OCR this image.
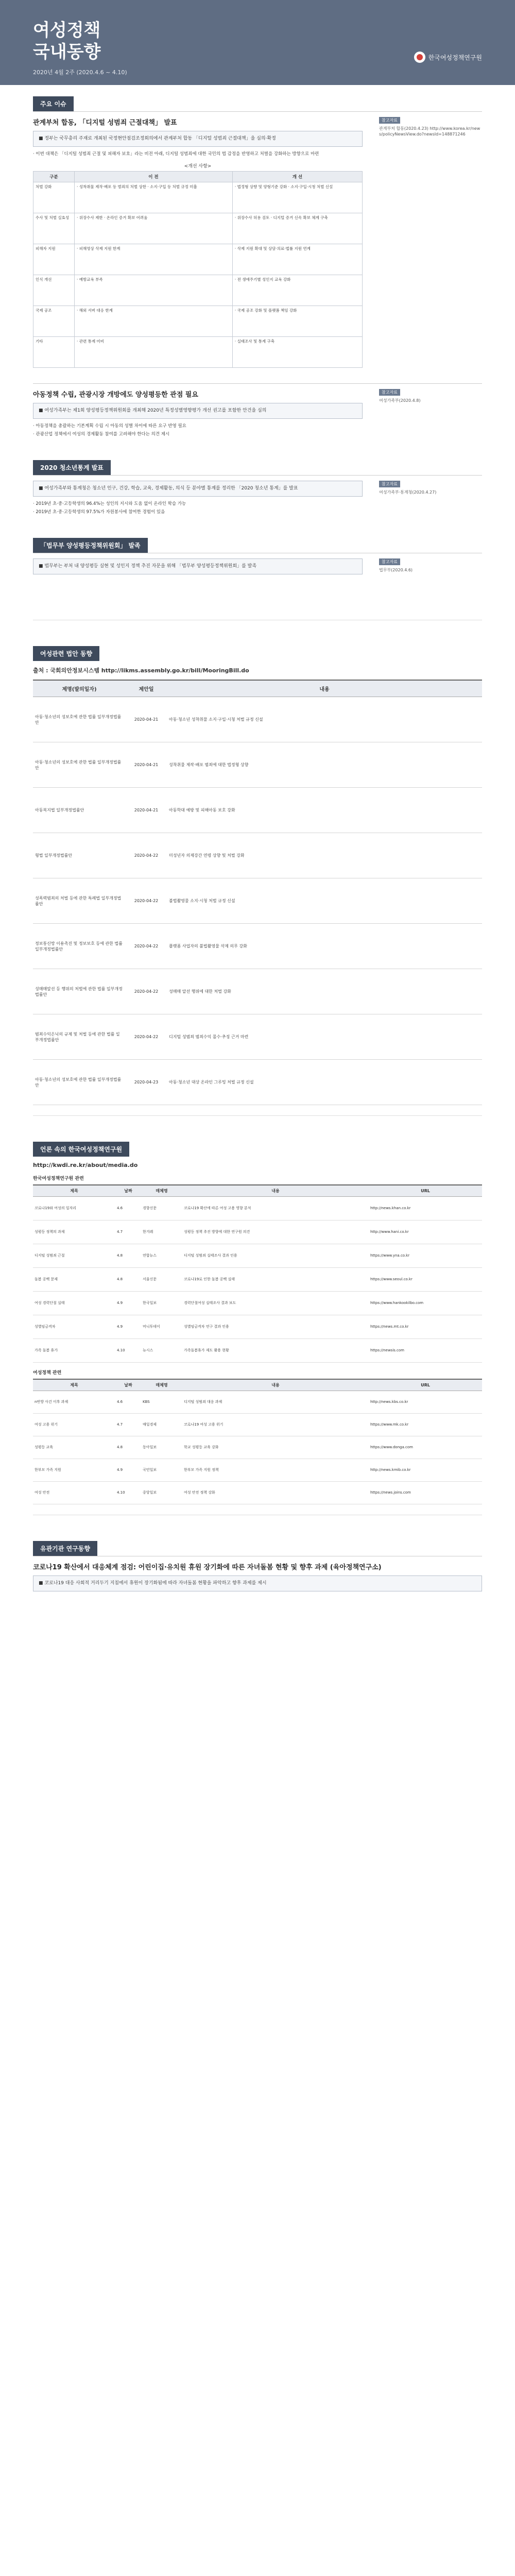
여성정책
국내동향
2020년 4월 2주 (2020.4.6 ~ 4.10)
한국여성정책연구원
주요 이슈
관계부처 합동, 「디지털 성범죄 근절대책」 발표
■ 정부는 국무총리 주재로 개최된 국정현안점검조정회의에서 관계부처 합동 「디지털 성범죄 근절대책」을 심의·확정
· 이번 대책은 「디지털 성범죄 근절 및 피해자 보호」라는 비전 아래, 디지털 성범죄에 대한 국민의 법 감정을 반영하고 처벌을 강화하는 방향으로 마련
<개선 사항>
구분	이 전	개 선
처벌 강화	· 성착취물 제작·배포 등 범죄의 처벌 상한 · 소지·구입 등 처벌 규정 미흡	· 법정형 상향 및 양형기준 강화 · 소지·구입·시청 처벌 신설
수사 및 처벌 실효성	· 위장수사 제한 · 온라인 증거 확보 어려움	· 위장수사 허용 검토 · 디지털 증거 신속 확보 체계 구축
피해자 지원	· 피해영상 삭제 지원 한계	· 삭제 지원 확대 및 상담·의료·법률 지원 연계
인식 개선	· 예방교육 부족	· 전 생애주기별 성인지 교육 강화
국제 공조	· 해외 서버 대응 한계	· 국제 공조 강화 및 플랫폼 책임 강화
기타	· 관련 통계 미비	· 실태조사 및 통계 구축
참고자료
관계부처 합동(2020.4.23) http://www.korea.kr/news/policyNewsView.do?newsId=148871246
아동정책 수립, 관광시장 개방에도 양성평등한 관점 필요
■ 여성가족부는 제1회 양성평등정책위원회를 개최해 2020년 특정성별영향평가 개선 권고를 포함한 안건을 심의
· 아동정책을 총괄하는 기본계획 수립 시 아동의 성별 차이에 따른 요구 반영 필요
· 관광산업 정책에서 여성의 경제활동 참여를 고려해야 한다는 의견 제시
참고자료
여성가족부(2020.4.8)
2020 청소년통계 발표
■ 여성가족부와 통계청은 청소년 인구, 건강, 학습, 교육, 경제활동, 의식 등 분야별 통계를 정리한 「2020 청소년 통계」를 발표
· 2019년 초·중·고등학생의 96.4%는 성인의 지시와 도움 없이 온라인 학습 가능
· 2019년 초·중·고등학생의 97.5%가 자원봉사에 참여한 경험이 있음
참고자료
여성가족부·통계청(2020.4.27)
「법무부 양성평등정책위원회」 발족
■ 법무부는 부처 내 양성평등 실현 및 성인지 정책 추진 자문을 위해 「법무부 양성평등정책위원회」를 발족
참고자료
법무부(2020.4.6)
여성관련 법안 동향
출처 : 국회의안정보시스템 http://likms.assembly.go.kr/bill/MooringBill.do
제명(발의일자)	제안일	내용
아동·청소년의 성보호에 관한 법률 일부개정법률안	2020-04-21	아동·청소년 성착취물 소지·구입·시청 처벌 규정 신설
아동·청소년의 성보호에 관한 법률 일부개정법률안	2020-04-21	성착취물 제작·배포 범죄에 대한 법정형 상향
아동복지법 일부개정법률안	2020-04-21	아동학대 예방 및 피해아동 보호 강화
형법 일부개정법률안	2020-04-22	미성년자 의제강간 연령 상향 및 처벌 강화
성폭력범죄의 처벌 등에 관한 특례법 일부개정법률안	2020-04-22	불법촬영물 소지·시청 처벌 규정 신설
정보통신망 이용촉진 및 정보보호 등에 관한 법률 일부개정법률안	2020-04-22	플랫폼 사업자의 불법촬영물 삭제 의무 강화
성매매알선 등 행위의 처벌에 관한 법률 일부개정법률안	2020-04-22	성매매 알선 행위에 대한 처벌 강화
범죄수익은닉의 규제 및 처벌 등에 관한 법률 일부개정법률안	2020-04-22	디지털 성범죄 범죄수익 몰수·추징 근거 마련
아동·청소년의 성보호에 관한 법률 일부개정법률안	2020-04-23	아동·청소년 대상 온라인 그루밍 처벌 규정 신설
언론 속의 한국여성정책연구원
http://kwdi.re.kr/about/media.do
한국여성정책연구원 관련
제목	날짜	매체명	내용	URL
코로나19와 여성의 일자리	4.6	경향신문	코로나19 확산에 따른 여성 고용 영향 분석	http://news.khan.co.kr
성평등 정책의 과제	4.7	한겨레	성평등 정책 추진 방향에 대한 연구원 의견	http://www.hani.co.kr
디지털 성범죄 근절	4.8	연합뉴스	디지털 성범죄 실태조사 결과 인용	https://www.yna.co.kr
돌봄 공백 문제	4.8	서울신문	코로나19로 인한 돌봄 공백 실태	https://www.seoul.co.kr
여성 경력단절 실태	4.9	한국일보	경력단절여성 실태조사 결과 보도	https://www.hankookilbo.com
성별임금격차	4.9	머니투데이	성별임금격차 연구 결과 인용	https://news.mt.co.kr
가족 돌봄 휴가	4.10	뉴시스	가족돌봄휴가 제도 활용 현황	https://newsis.com
여성정책 관련
제목	날짜	매체명	내용	URL
n번방 사건 이후 과제	4.6	KBS	디지털 성범죄 대응 과제	http://news.kbs.co.kr
여성 고용 위기	4.7	매일경제	코로나19 여성 고용 위기	https://www.mk.co.kr
성평등 교육	4.8	동아일보	학교 성평등 교육 강화	https://www.donga.com
한부모 가족 지원	4.9	국민일보	한부모 가족 지원 정책	http://news.kmib.co.kr
여성 안전	4.10	중앙일보	여성 안전 정책 강화	https://news.joins.com
유관기관 연구동향
코로나19 확산에서 대응체계 점검: 어린이집·유치원 휴원 장기화에 따른 자녀돌봄 현황 및 향후 과제 (육아정책연구소)
■ 코로나19 대응 사회적 거리두기 지침에서 휴원이 장기화됨에 따라 자녀돌봄 현황을 파악하고 향후 과제를 제시
